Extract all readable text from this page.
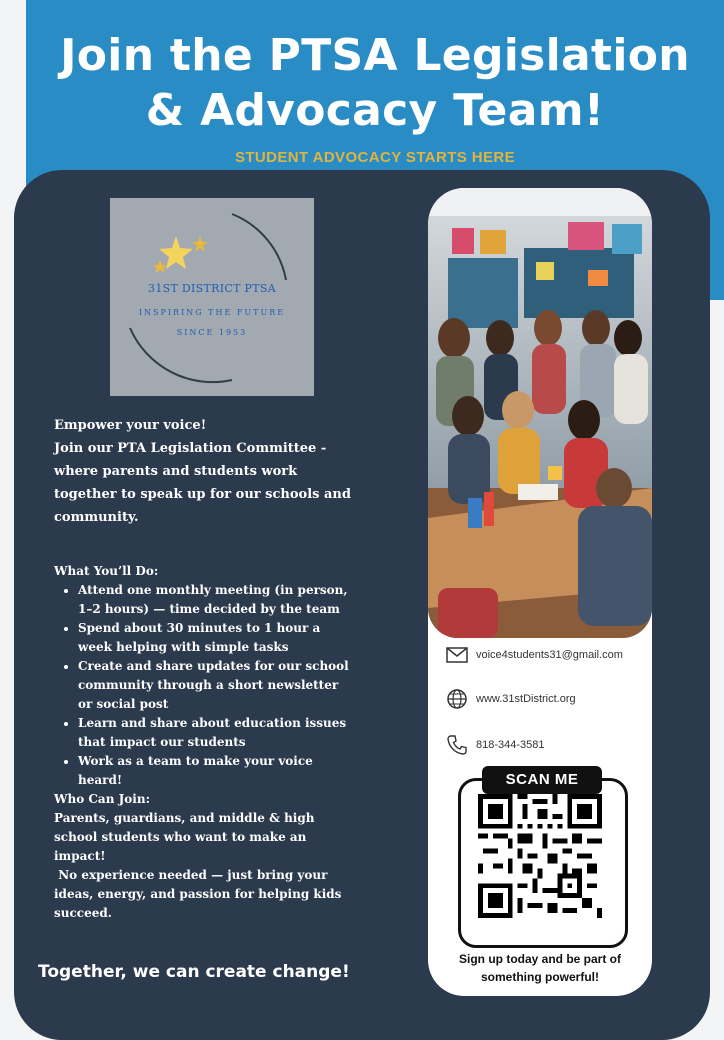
Join the PTSA Legislation
& Advocacy Team!
STUDENT ADVOCACY STARTS HERE
31ST DISTRICT PTSA
INSPIRING THE FUTURE
SINCE 1953

Empower your voice!

Join our PTA Legislation Committee - where parents and students work together to speak up for our schools and community.

What You’ll Do:

• Attend one monthly meeting (in person, 1–2 hours) — time decided by the team
• Spend about 30 minutes to 1 hour a week helping with simple tasks
• Create and share updates for our school community through a short newsletter or social post
• Learn and share about education issues that impact our students
• Work as a team to make your voice heard!

Who Can Join:

Parents, guardians, and middle & high school students who want to make an impact!

No experience needed — just bring your ideas, energy, and passion for helping kids succeed.

Together, we can create change!
voice4students31@gmail.com
www.31stDistrict.org
818-344-3581
SCAN ME
Sign up today and be part of something powerful!
